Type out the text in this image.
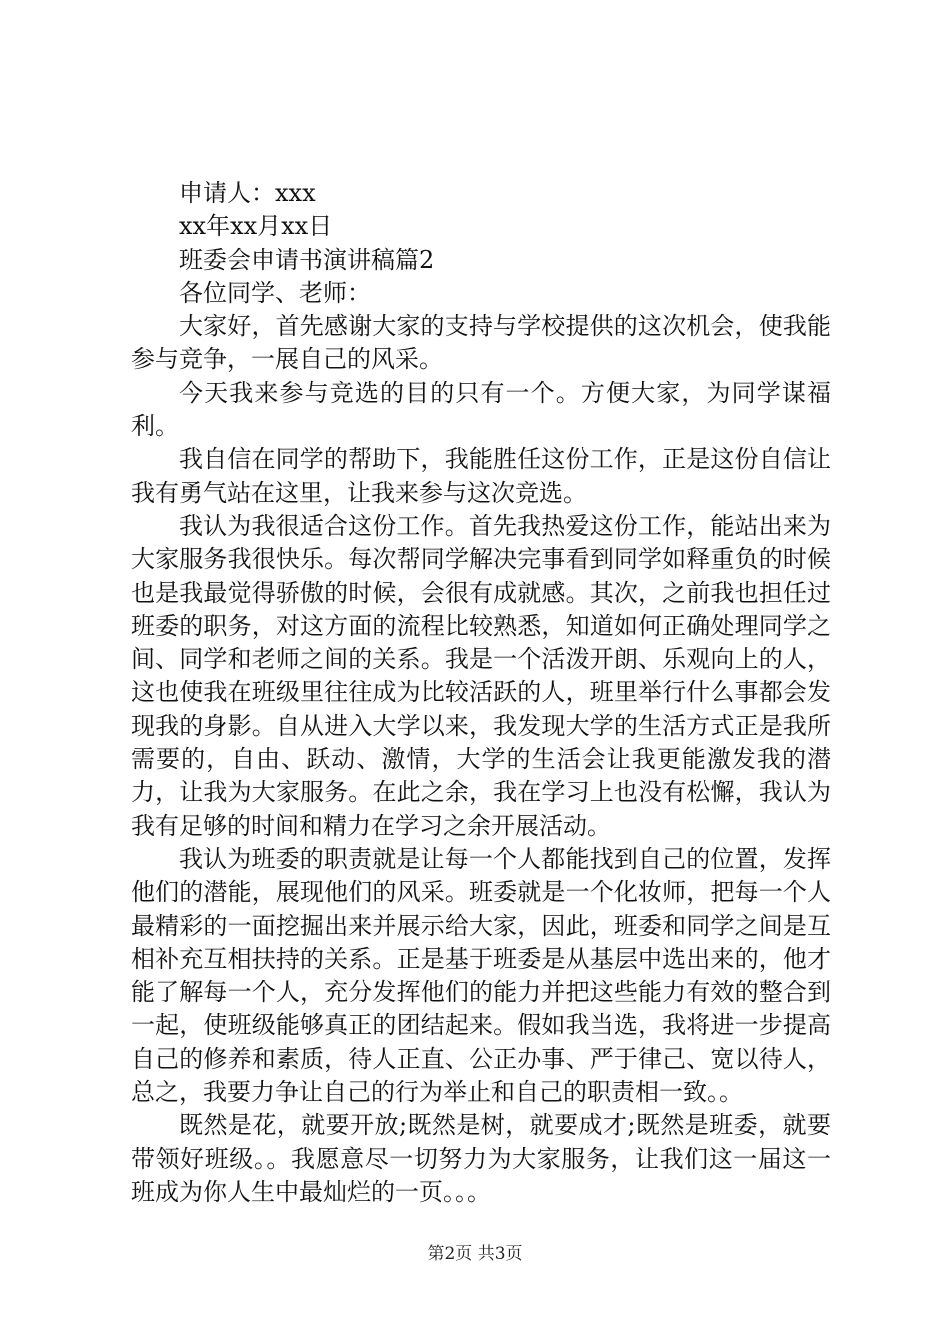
申请人：xxx
xx年xx月xx日
班委会申请书演讲稿篇2
各位同学、老师：

大家好，首先感谢大家的支持与学校提供的这次机会，使我能参与竞争，一展自己的风采。

今天我来参与竞选的目的只有一个。方便大家，为同学谋福利。

我自信在同学的帮助下，我能胜任这份工作，正是这份自信让我有勇气站在这里，让我来参与这次竞选。

我认为我很适合这份工作。首先我热爱这份工作，能站出来为大家服务我很快乐。每次帮同学解决完事看到同学如释重负的时候也是我最觉得骄傲的时候，会很有成就感。其次，之前我也担任过班委的职务，对这方面的流程比较熟悉，知道如何正确处理同学之间、同学和老师之间的关系。我是一个活泼开朗、乐观向上的人，这也使我在班级里往往成为比较活跃的人，班里举行什么事都会发现我的身影。自从进入大学以来，我发现大学的生活方式正是我所需要的，自由、跃动、激情，大学的生活会让我更能激发我的潜力，让我为大家服务。在此之余，我在学习上也没有松懈，我认为我有足够的时间和精力在学习之余开展活动。

我认为班委的职责就是让每一个人都能找到自己的位置，发挥他们的潜能，展现他们的风采。班委就是一个化妆师，把每一个人最精彩的一面挖掘出来并展示给大家，因此，班委和同学之间是互相补充互相扶持的关系。正是基于班委是从基层中选出来的，他才能了解每一个人，充分发挥他们的能力并把这些能力有效的整合到一起，使班级能够真正的团结起来。假如我当选，我将进一步提高自己的修养和素质，待人正直、公正办事、严于律己、宽以待人，总之，我要力争让自己的行为举止和自己的职责相一致。。

既然是花，就要开放;既然是树，就要成才;既然是班委，就要带领好班级。。我愿意尽一切努力为大家服务，让我们这一届这一班成为你人生中最灿烂的一页。。。

第2页 共3页
